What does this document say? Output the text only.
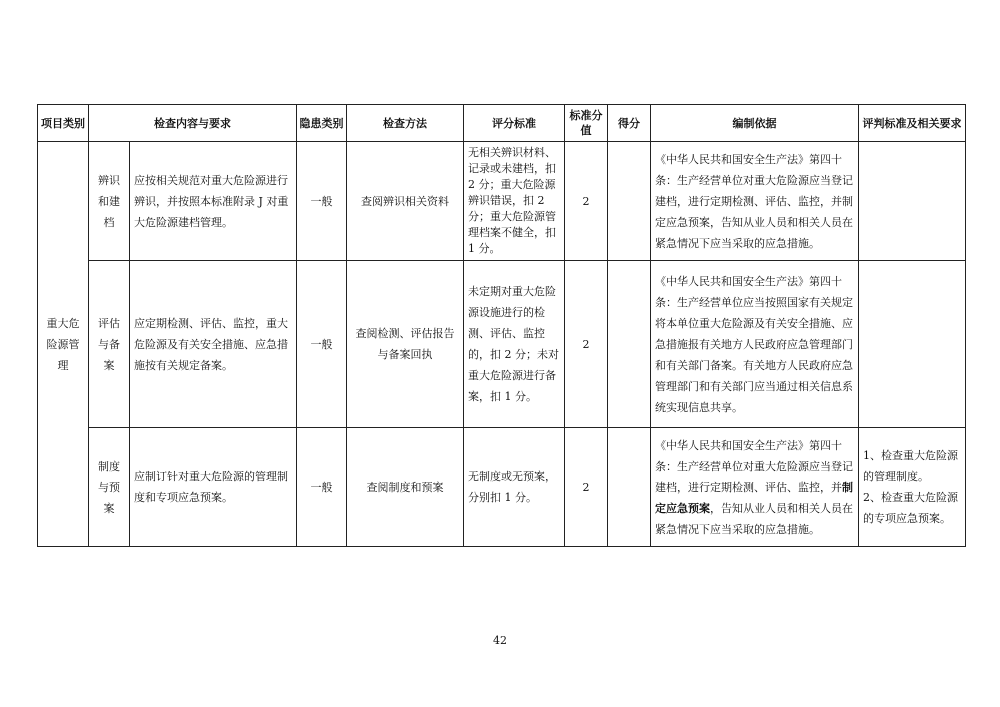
项目类别	检查内容与要求		隐患类别	检查方法	评分标准	标准分值	得分	编制依据	评判标准及相关要求
重大危险源管理	辨识和建档	应按相关规范对重大危险源进行辨识，并按照本标准附录 J 对重大危险源建档管理。	一般	查阅辨识相关资料	无相关辨识材料、记录或未建档，扣 2 分；重大危险源辨识错误，扣 2 分；重大危险源管理档案不健全，扣 1 分。	2		《中华人民共和国安全生产法》第四十条：生产经营单位对重大危险源应当登记建档，进行定期检测、评估、监控，并制定应急预案，告知从业人员和相关人员在紧急情况下应当采取的应急措施。	
	评估与备案	应定期检测、评估、监控，重大危险源及有关安全措施、应急措施按有关规定备案。	一般	查阅检测、评估报告与备案回执	未定期对重大危险源设施进行的检测、评估、监控的，扣 2 分；未对重大危险源进行备案，扣 1 分。	2		《中华人民共和国安全生产法》第四十条：生产经营单位应当按照国家有关规定将本单位重大危险源及有关安全措施、应急措施报有关地方人民政府应急管理部门和有关部门备案。有关地方人民政府应急管理部门和有关部门应当通过相关信息系统实现信息共享。	
	制度与预案	应制订针对重大危险源的管理制度和专项应急预案。	一般	查阅制度和预案	无制度或无预案，分别扣 1 分。	2		《中华人民共和国安全生产法》第四十条：生产经营单位对重大危险源应当登记建档，进行定期检测、评估、监控，并制定应急预案，告知从业人员和相关人员在紧急情况下应当采取的应急措施。	1、检查重大危险源的管理制度。
2、检查重大危险源的专项应急预案。
42
